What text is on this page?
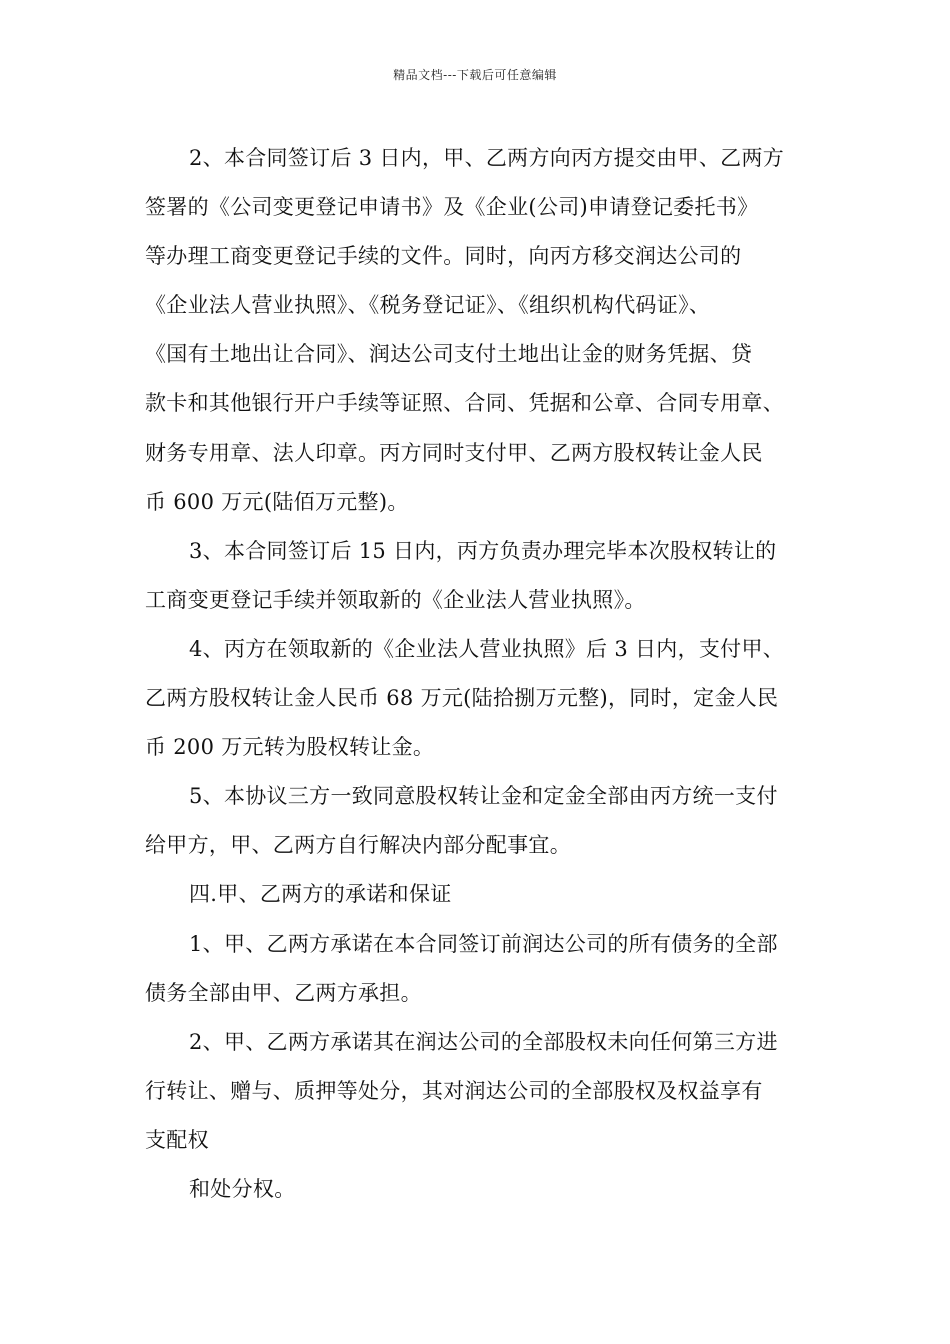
精品文档---下载后可任意编辑
2、本合同签订后 3 日内，甲、乙两方向丙方提交由甲、乙两方
签署的《公司变更登记申请书》及《企业(公司)申请登记委托书》
等办理工商变更登记手续的文件。同时，向丙方移交润达公司的
《企业法人营业执照》、《税务登记证》、《组织机构代码证》、
《国有土地出让合同》、润达公司支付土地出让金的财务凭据、贷
款卡和其他银行开户手续等证照、合同、凭据和公章、合同专用章、
财务专用章、法人印章。丙方同时支付甲、乙两方股权转让金人民
币 600 万元(陆佰万元整)。
3、本合同签订后 15 日内，丙方负责办理完毕本次股权转让的
工商变更登记手续并领取新的《企业法人营业执照》。
4、丙方在领取新的《企业法人营业执照》后 3 日内，支付甲、
乙两方股权转让金人民币 68 万元(陆拾捌万元整)，同时，定金人民
币 200 万元转为股权转让金。
5、本协议三方一致同意股权转让金和定金全部由丙方统一支付
给甲方，甲、乙两方自行解决内部分配事宜。
四.甲、乙两方的承诺和保证
1、甲、乙两方承诺在本合同签订前润达公司的所有债务的全部
债务全部由甲、乙两方承担。
2、甲、乙两方承诺其在润达公司的全部股权未向任何第三方进
行转让、赠与、质押等处分，其对润达公司的全部股权及权益享有
支配权
和处分权。
